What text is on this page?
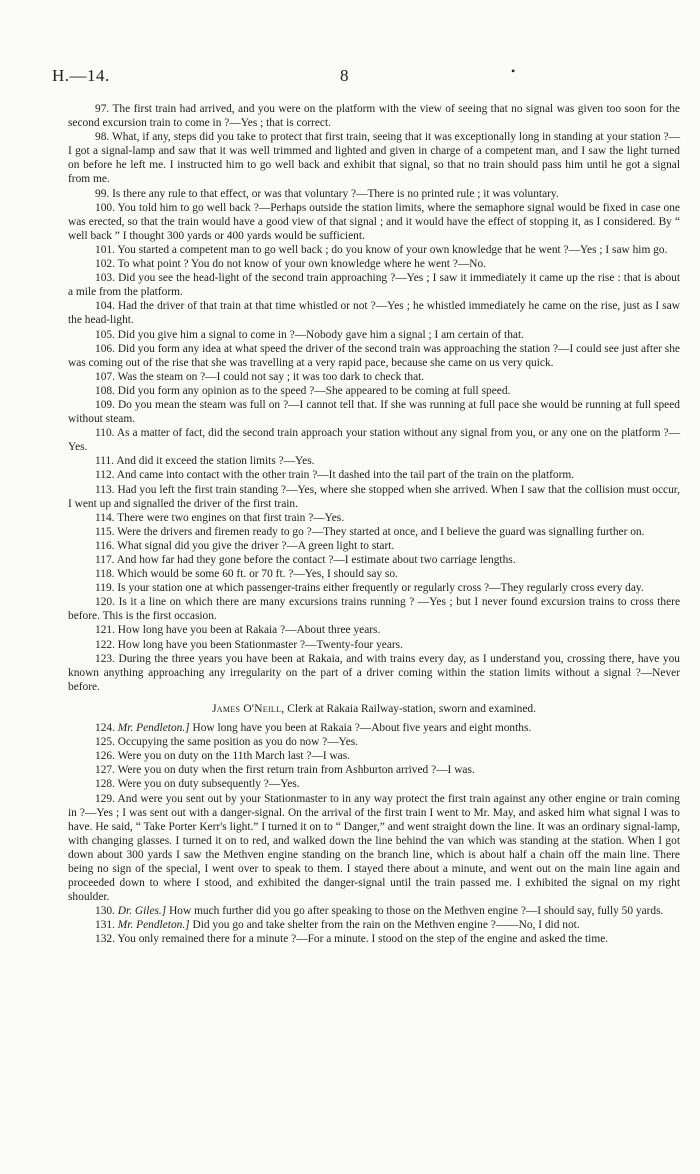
H.—14.	8	•

97. The first train had arrived, and you were on the platform with the view of seeing that no signal was given too soon for the second excursion train to come in ?—Yes ; that is correct.

98. What, if any, steps did you take to protect that first train, seeing that it was exceptionally long in standing at your station ?—I got a signal-lamp and saw that it was well trimmed and lighted and given in charge of a competent man, and I saw the light turned on before he left me. I instructed him to go well back and exhibit that signal, so that no train should pass him until he got a signal from me.

99. Is there any rule to that effect, or was that voluntary ?—There is no printed rule ; it was voluntary.

100. You told him to go well back ?—Perhaps outside the station limits, where the semaphore signal would be fixed in case one was erected, so that the train would have a good view of that signal ; and it would have the effect of stopping it, as I considered. By “ well back ” I thought 300 yards or 400 yards would be sufficient.

101. You started a competent man to go well back ; do you know of your own knowledge that he went ?—Yes ; I saw him go.

102. To what point ? You do not know of your own knowledge where he went ?—No.

103. Did you see the head-light of the second train approaching ?—Yes ; I saw it immediately it came up the rise : that is about a mile from the platform.

104. Had the driver of that train at that time whistled or not ?—Yes ; he whistled immediately he came on the rise, just as I saw the head-light.

105. Did you give him a signal to come in ?—Nobody gave him a signal ; I am certain of that.

106. Did you form any idea at what speed the driver of the second train was approaching the station ?—I could see just after she was coming out of the rise that she was travelling at a very rapid pace, because she came on us very quick.

107. Was the steam on ?—I could not say ; it was too dark to check that.

108. Did you form any opinion as to the speed ?—She appeared to be coming at full speed.

109. Do you mean the steam was full on ?—I cannot tell that. If she was running at full pace she would be running at full speed without steam.

110. As a matter of fact, did the second train approach your station without any signal from you, or any one on the platform ?—Yes.

111. And did it exceed the station limits ?—Yes.

112. And came into contact with the other train ?—It dashed into the tail part of the train on the platform.

113. Had you left the first train standing ?—Yes, where she stopped when she arrived. When I saw that the collision must occur, I went up and signalled the driver of the first train.

114. There were two engines on that first train ?—Yes.

115. Were the drivers and firemen ready to go ?—They started at once, and I believe the guard was signalling further on.

116. What signal did you give the driver ?—A green light to start.

117. And how far had they gone before the contact ?—I estimate about two carriage lengths.

118. Which would be some 60 ft. or 70 ft. ?—Yes, I should say so.

119. Is your station one at which passenger-trains either frequently or regularly cross ?—They regularly cross every day.

120. Is it a line on which there are many excursions trains running ? —Yes ; but I never found excursion trains to cross there before. This is the first occasion.

121. How long have you been at Rakaia ?—About three years.

122. How long have you been Stationmaster ?—Twenty-four years.

123. During the three years you have been at Rakaia, and with trains every day, as I understand you, crossing there, have you known anything approaching any irregularity on the part of a driver coming within the station limits without a signal ?—Never before.

James O'Neill, Clerk at Rakaia Railway-station, sworn and examined.

124. Mr. Pendleton.] How long have you been at Rakaia ?—About five years and eight months.

125. Occupying the same position as you do now ?—Yes.

126. Were you on duty on the 11th March last ?—I was.

127. Were you on duty when the first return train from Ashburton arrived ?—I was.

128. Were you on duty subsequently ?—Yes.

129. And were you sent out by your Stationmaster to in any way protect the first train against any other engine or train coming in ?—Yes ; I was sent out with a danger-signal. On the arrival of the first train I went to Mr. May, and asked him what signal I was to have. He said, “ Take Porter Kerr's light.” I turned it on to “ Danger,” and went straight down the line. It was an ordinary signal-lamp, with changing glasses. I turned it on to red, and walked down the line behind the van which was standing at the station. When I got down about 300 yards I saw the Methven engine standing on the branch line, which is about half a chain off the main line. There being no sign of the special, I went over to speak to them. I stayed there about a minute, and went out on the main line again and proceeded down to where I stood, and exhibited the danger-signal until the train passed me. I exhibited the signal on my right shoulder.

130. Dr. Giles.] How much further did you go after speaking to those on the Methven engine ?—I should say, fully 50 yards.

131. Mr. Pendleton.] Did you go and take shelter from the rain on the Methven engine ?——No, I did not.

132. You only remained there for a minute ?—For a minute. I stood on the step of the engine and asked the time.
